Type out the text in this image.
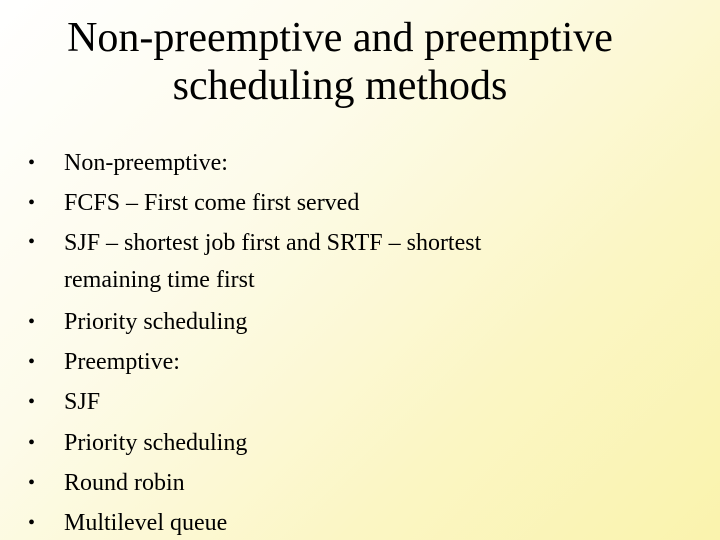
Non-preemptive and preemptive
scheduling methods
• Non-preemptive:
• FCFS – First come first served
• SJF – shortest job first and SRTF – shortest remaining time first
• Priority scheduling
• Preemptive:
• SJF
• Priority scheduling
• Round robin
• Multilevel queue
